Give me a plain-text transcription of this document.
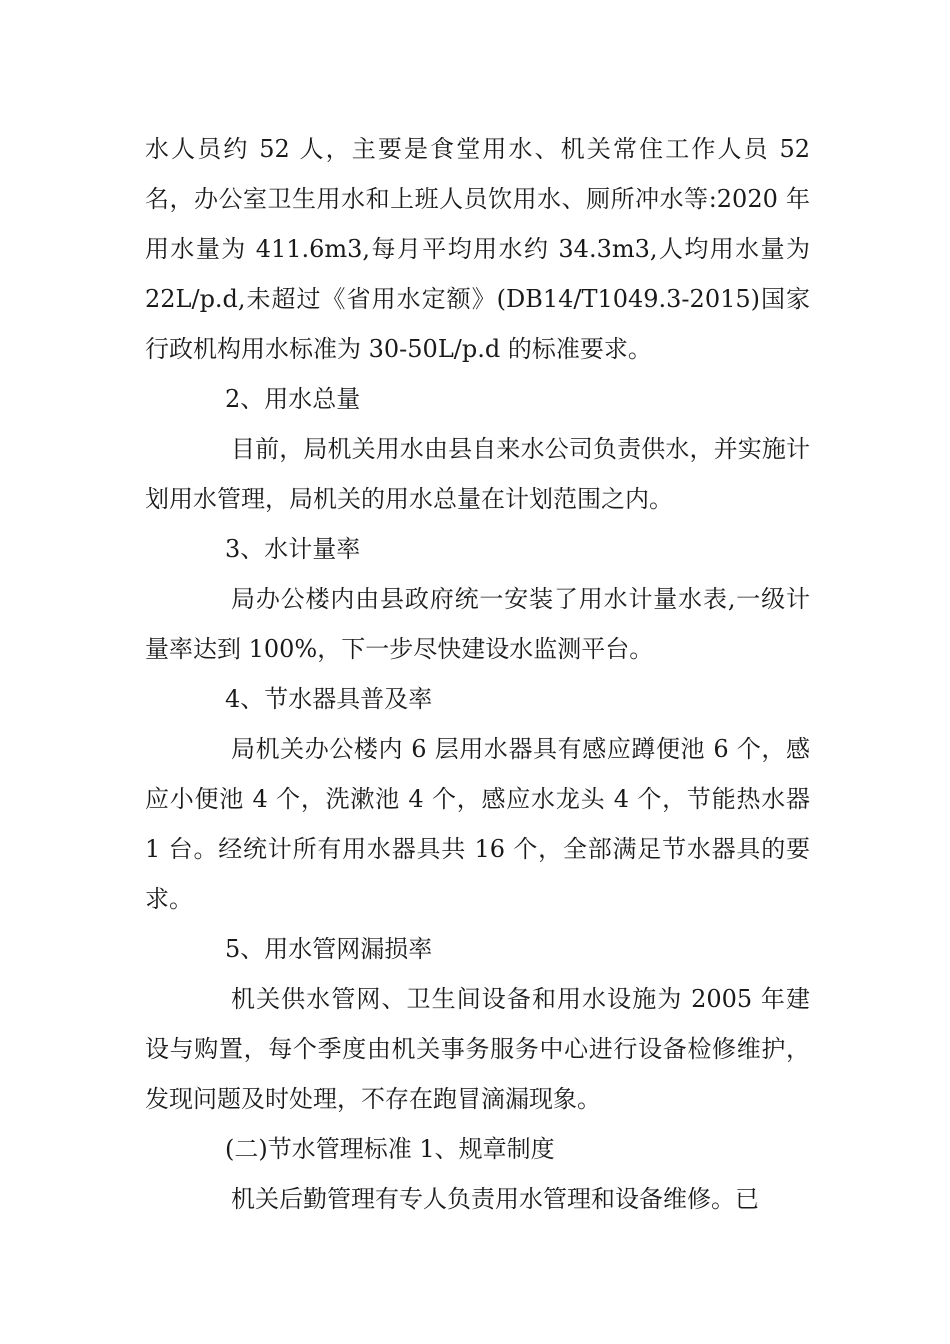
水人员约 52 人，主要是食堂用水、机关常住工作人员 52 名，办公室卫生用水和上班人员饮用水、厕所冲水等:2020 年用水量为 411.6m3,每月平均用水约 34.3m3,人均用水量为 22L/p.d,未超过《省用水定额》(DB14/T1049.3-2015)国家行政机构用水标准为 30-50L/p.d 的标准要求。

2、用水总量

目前，局机关用水由县自来水公司负责供水，并实施计划用水管理，局机关的用水总量在计划范围之内。

3、水计量率

局办公楼内由县政府统一安装了用水计量水表,一级计量率达到 100%，下一步尽快建设水监测平台。

4、节水器具普及率

局机关办公楼内 6 层用水器具有感应蹲便池 6 个，感应小便池 4 个，洗漱池 4 个，感应水龙头 4 个，节能热水器 1 台。经统计所有用水器具共 16 个，全部满足节水器具的要求。

5、用水管网漏损率

机关供水管网、卫生间设备和用水设施为 2005 年建设与购置，每个季度由机关事务服务中心进行设备检修维护，发现问题及时处理，不存在跑冒滴漏现象。

(二)节水管理标准 1、规章制度

机关后勤管理有专人负责用水管理和设备维修。已
